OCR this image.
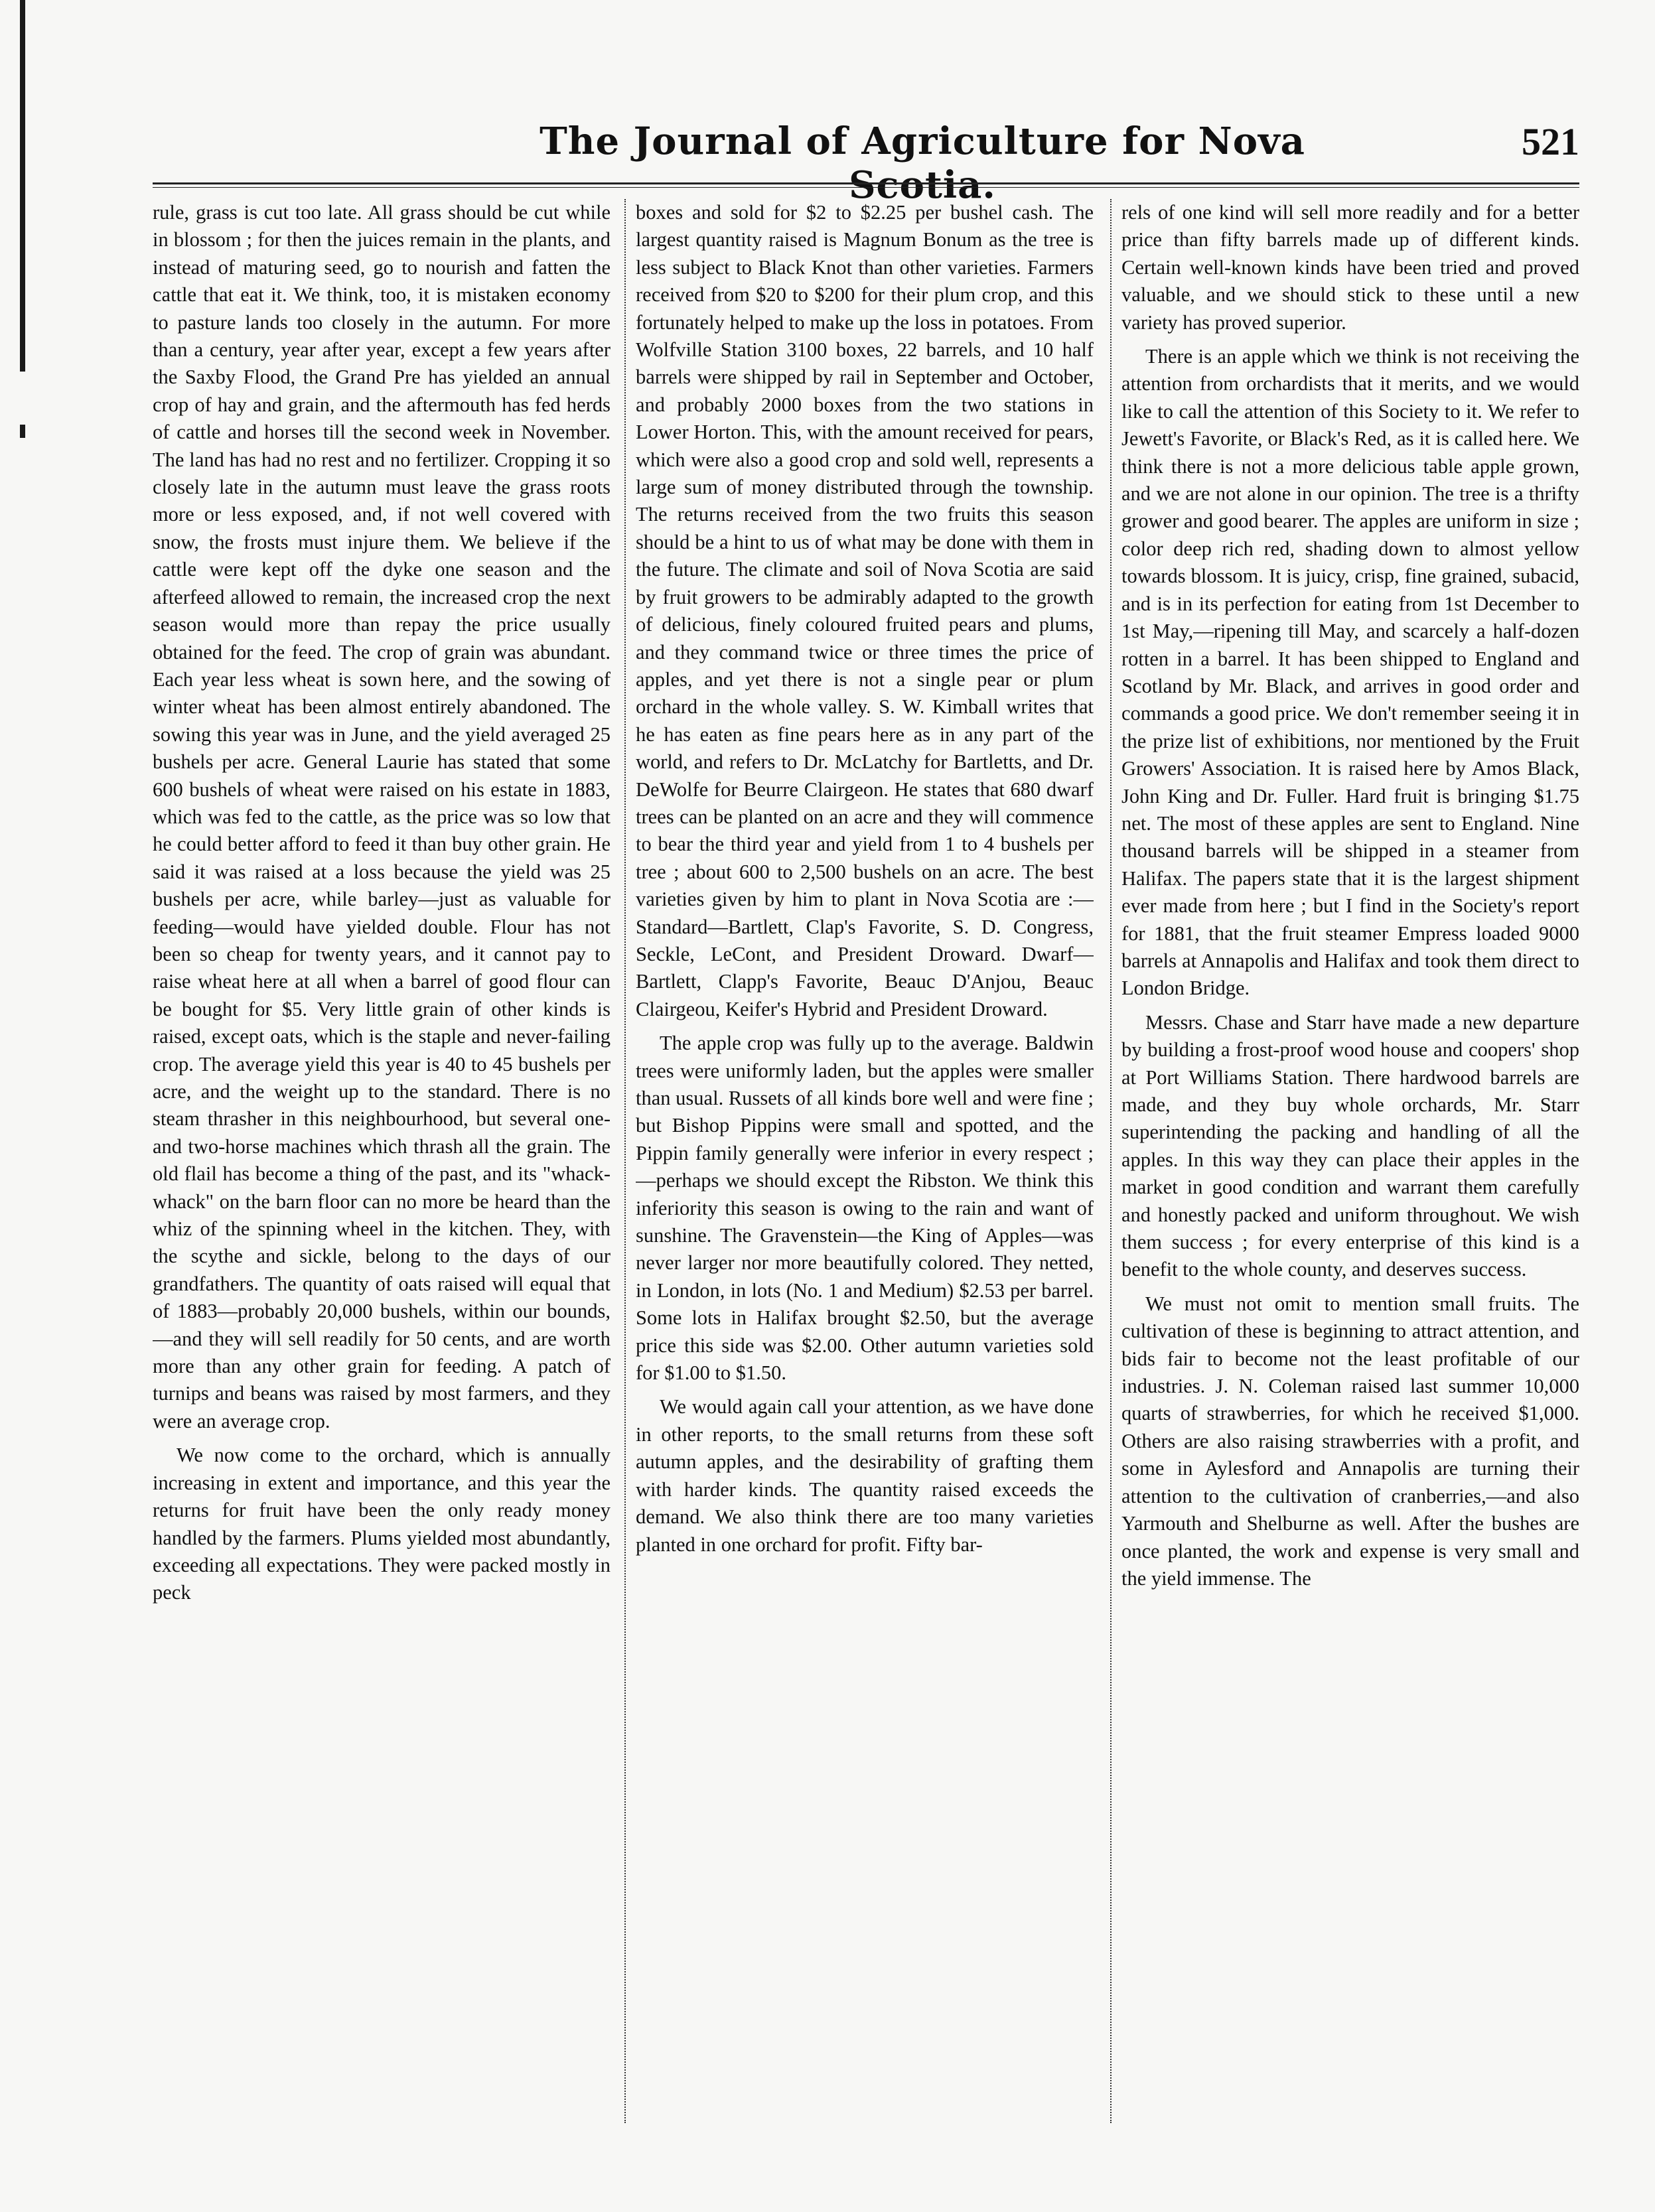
The Journal of Agriculture for Nova Scotia.
521

rule, grass is cut too late. All grass should be cut while in blossom ; for then the juices remain in the plants, and instead of maturing seed, go to nourish and fatten the cattle that eat it. We think, too, it is mistaken economy to pasture lands too closely in the autumn. For more than a century, year after year, except a few years after the Saxby Flood, the Grand Pre has yielded an annual crop of hay and grain, and the aftermouth has fed herds of cattle and horses till the second week in November. The land has had no rest and no fertilizer. Cropping it so closely late in the autumn must leave the grass roots more or less exposed, and, if not well covered with snow, the frosts must injure them. We believe if the cattle were kept off the dyke one season and the afterfeed allowed to remain, the increased crop the next season would more than repay the price usually obtained for the feed. The crop of grain was abundant. Each year less wheat is sown here, and the sowing of winter wheat has been almost entirely abandoned. The sowing this year was in June, and the yield averaged 25 bushels per acre. General Laurie has stated that some 600 bushels of wheat were raised on his estate in 1883, which was fed to the cattle, as the price was so low that he could better afford to feed it than buy other grain. He said it was raised at a loss because the yield was 25 bushels per acre, while barley—just as valuable for feeding—would have yielded double. Flour has not been so cheap for twenty years, and it cannot pay to raise wheat here at all when a barrel of good flour can be bought for $5. Very little grain of other kinds is raised, except oats, which is the staple and never-failing crop. The average yield this year is 40 to 45 bushels per acre, and the weight up to the standard. There is no steam thrasher in this neighbourhood, but several one-and two-horse machines which thrash all the grain. The old flail has become a thing of the past, and its "whack-whack" on the barn floor can no more be heard than the whiz of the spinning wheel in the kitchen. They, with the scythe and sickle, belong to the days of our grandfathers. The quantity of oats raised will equal that of 1883—probably 20,000 bushels, within our bounds,—and they will sell readily for 50 cents, and are worth more than any other grain for feeding. A patch of turnips and beans was raised by most farmers, and they were an average crop.

We now come to the orchard, which is annually increasing in extent and importance, and this year the returns for fruit have been the only ready money handled by the farmers. Plums yielded most abundantly, exceeding all expectations. They were packed mostly in peck

boxes and sold for $2 to $2.25 per bushel cash. The largest quantity raised is Magnum Bonum as the tree is less subject to Black Knot than other varieties. Farmers received from $20 to $200 for their plum crop, and this fortunately helped to make up the loss in potatoes. From Wolfville Station 3100 boxes, 22 barrels, and 10 half barrels were shipped by rail in September and October, and probably 2000 boxes from the two stations in Lower Horton. This, with the amount received for pears, which were also a good crop and sold well, represents a large sum of money distributed through the township. The returns received from the two fruits this season should be a hint to us of what may be done with them in the future. The climate and soil of Nova Scotia are said by fruit growers to be admirably adapted to the growth of delicious, finely coloured fruited pears and plums, and they command twice or three times the price of apples, and yet there is not a single pear or plum orchard in the whole valley. S. W. Kimball writes that he has eaten as fine pears here as in any part of the world, and refers to Dr. McLatchy for Bartletts, and Dr. DeWolfe for Beurre Clairgeon. He states that 680 dwarf trees can be planted on an acre and they will commence to bear the third year and yield from 1 to 4 bushels per tree ; about 600 to 2,500 bushels on an acre. The best varieties given by him to plant in Nova Scotia are :—Standard—Bartlett, Clap's Favorite, S. D. Congress, Seckle, LeCont, and President Droward. Dwarf—Bartlett, Clapp's Favorite, Beauc D'Anjou, Beauc Clairgeou, Keifer's Hybrid and President Droward.

The apple crop was fully up to the average. Baldwin trees were uniformly laden, but the apples were smaller than usual. Russets of all kinds bore well and were fine ; but Bishop Pippins were small and spotted, and the Pippin family generally were inferior in every respect ; —perhaps we should except the Ribston. We think this inferiority this season is owing to the rain and want of sunshine. The Gravenstein—the King of Apples—was never larger nor more beautifully colored. They netted, in London, in lots (No. 1 and Medium) $2.53 per barrel. Some lots in Halifax brought $2.50, but the average price this side was $2.00. Other autumn varieties sold for $1.00 to $1.50.

We would again call your attention, as we have done in other reports, to the small returns from these soft autumn apples, and the desirability of grafting them with harder kinds. The quantity raised exceeds the demand. We also think there are too many varieties planted in one orchard for profit. Fifty bar-

rels of one kind will sell more readily and for a better price than fifty barrels made up of different kinds. Certain well-known kinds have been tried and proved valuable, and we should stick to these until a new variety has proved superior.

There is an apple which we think is not receiving the attention from orchardists that it merits, and we would like to call the attention of this Society to it. We refer to Jewett's Favorite, or Black's Red, as it is called here. We think there is not a more delicious table apple grown, and we are not alone in our opinion. The tree is a thrifty grower and good bearer. The apples are uniform in size ; color deep rich red, shading down to almost yellow towards blossom. It is juicy, crisp, fine grained, subacid, and is in its perfection for eating from 1st December to 1st May,—ripening till May, and scarcely a half-dozen rotten in a barrel. It has been shipped to England and Scotland by Mr. Black, and arrives in good order and commands a good price. We don't remember seeing it in the prize list of exhibitions, nor mentioned by the Fruit Growers' Association. It is raised here by Amos Black, John King and Dr. Fuller. Hard fruit is bringing $1.75 net. The most of these apples are sent to England. Nine thousand barrels will be shipped in a steamer from Halifax. The papers state that it is the largest shipment ever made from here ; but I find in the Society's report for 1881, that the fruit steamer Empress loaded 9000 barrels at Annapolis and Halifax and took them direct to London Bridge.

Messrs. Chase and Starr have made a new departure by building a frost-proof wood house and coopers' shop at Port Williams Station. There hardwood barrels are made, and they buy whole orchards, Mr. Starr superintending the packing and handling of all the apples. In this way they can place their apples in the market in good condition and warrant them carefully and honestly packed and uniform throughout. We wish them success ; for every enterprise of this kind is a benefit to the whole county, and deserves success.

We must not omit to mention small fruits. The cultivation of these is beginning to attract attention, and bids fair to become not the least profitable of our industries. J. N. Coleman raised last summer 10,000 quarts of strawberries, for which he received $1,000. Others are also raising strawberries with a profit, and some in Aylesford and Annapolis are turning their attention to the cultivation of cranberries,—and also Yarmouth and Shelburne as well. After the bushes are once planted, the work and expense is very small and the yield immense. The
